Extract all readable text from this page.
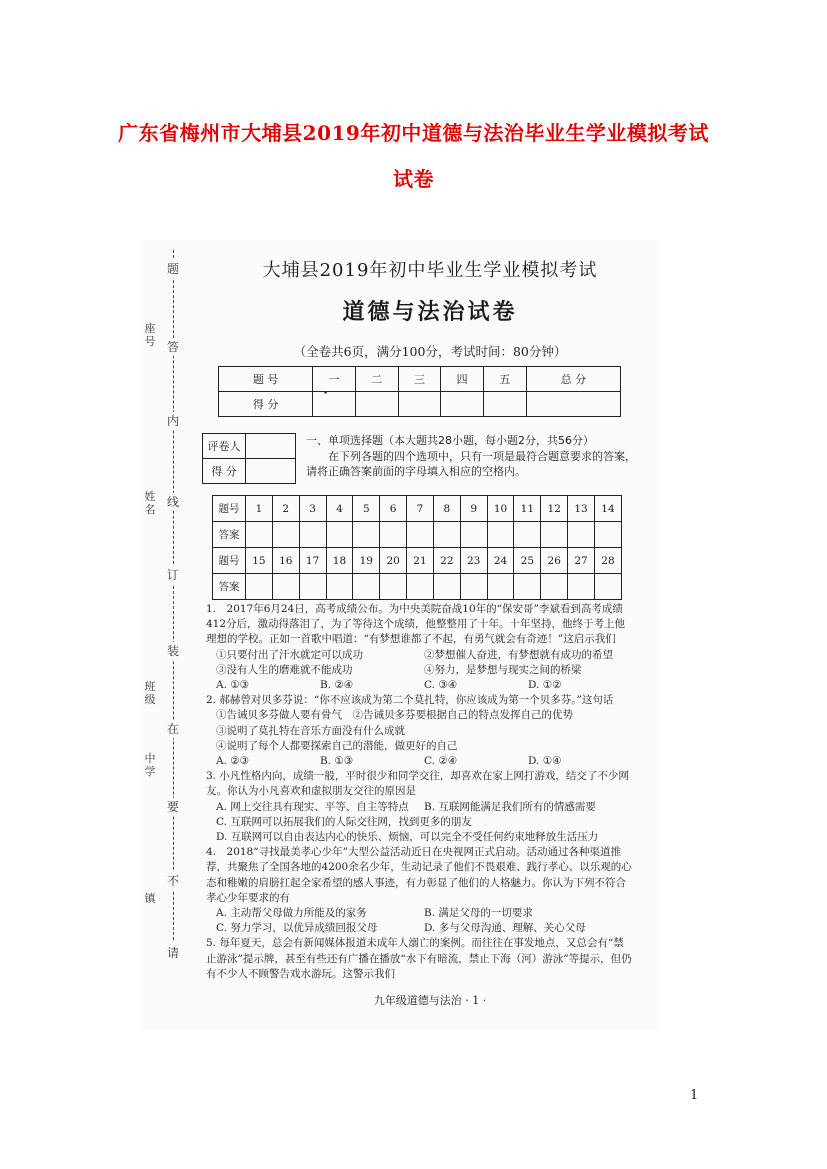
广东省梅州市大埔县2019年初中道德与法治毕业生学业模拟考试试卷
题
答
内
线
订
装
在
要
不
请
座号
姓名
班级
中学
镇
大埔县2019年初中毕业生学业模拟考试
道德与法治试卷
（全卷共6页，满分100分，考试时间：80分钟）
题 号	一	二	三	四	五	总 分
得 分						
•
评卷人	
得 分	
一、单项选择题（本大题共28小题，每小题2分，共56分）
在下列各题的四个选项中，只有一项是最符合题意要求的答案，请将正确答案前面的字母填入相应的空格内。
题号	1	2	3	4	5	6	7	8	9	10	11	12	13	14
答案														
题号	15	16	17	18	19	20	21	22	23	24	25	26	27	28
答案														

1.　2017年6月24日，高考成绩公布。为中央美院奋战10年的“保安哥”李斌看到高考成绩412分后，激动得落泪了，为了等待这个成绩，他整整用了十年。十年坚持，他终于考上他理想的学校。正如一首歌中唱道：“有梦想谁都了不起，有勇气就会有奇迹！”这启示我们

①只要付出了汗水就定可以成功	②梦想催人奋进，有梦想就有成功的希望
③没有人生的磨难就不能成功	④努力，是梦想与现实之间的桥梁
A. ①③	B. ②④	C. ③④	D. ①②

2. 郝赫曾对贝多芬说：“你不应该成为第二个莫扎特，你应该成为第一个贝多芬。”这句话

①告诫贝多芬做人要有骨气　②告诫贝多芬要根据自己的特点发挥自己的优势

③说明了莫扎特在音乐方面没有什么成就

④说明了每个人都要探索自己的潜能，做更好的自己

A. ②③	B. ①③	C. ②④	D. ①④

3. 小凡性格内向，成绩一般，平时很少和同学交往，却喜欢在家上网打游戏，结交了不少网友。你认为小凡喜欢和虚拟朋友交往的原因是

A. 网上交往具有现实、平等、自主等特点	B. 互联网能满足我们所有的情感需要

C. 互联网可以拓展我们的人际交往网，找到更多的朋友

D. 互联网可以自由表达内心的快乐、烦恼，可以完全不受任何约束地释放生活压力

4.　2018“寻找最美孝心少年”大型公益活动近日在央视网正式启动。活动通过各种渠道推荐，共聚焦了全国各地的4200余名少年，生动记录了他们不畏艰难、践行孝心、以乐观的心态和稚嫩的肩膀扛起全家希望的感人事迹，有力彰显了他们的人格魅力。你认为下列不符合孝心少年要求的有

A. 主动帮父母做力所能及的家务	B. 满足父母的一切要求
C. 努力学习，以优异成绩回报父母	D. 多与父母沟通、理解、关心父母

5. 每年夏天，总会有新闻媒体报道未成年人溺亡的案例。而往往在事发地点，又总会有“禁止游泳”提示牌，甚至有些还有广播在播放“水下有暗流，禁止下海（河）游泳”等提示，但仍有不少人不顾警告戏水游玩。这警示我们

九年级道德与法治 · 1 ·
1
